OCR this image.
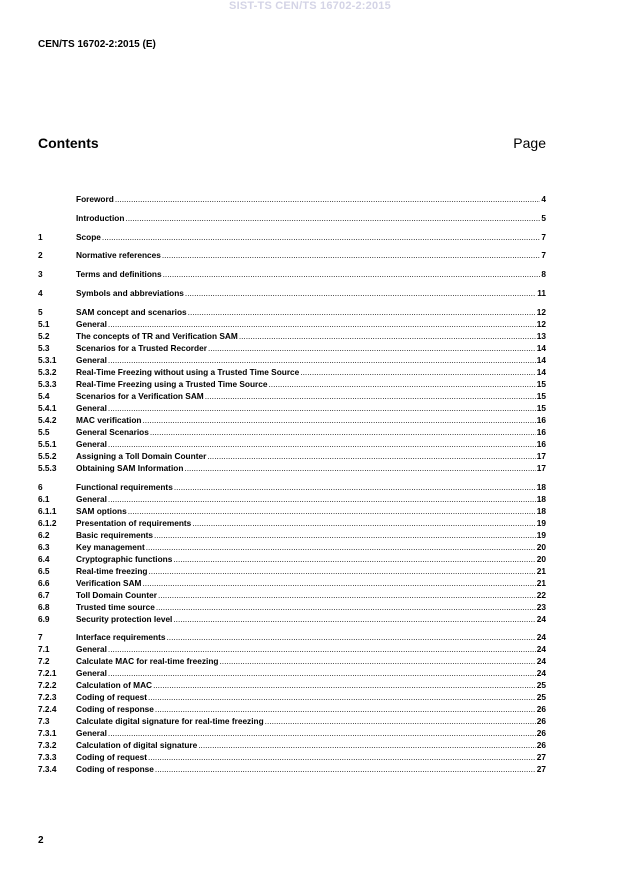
SIST-TS CEN/TS 16702-2:2015
CEN/TS 16702-2:2015 (E)
Contents	Page
Foreword .....	4
Introduction .....	5
1	Scope .....	7
2	Normative references .....	7
3	Terms and definitions .....	8
4	Symbols and abbreviations .....	11
5	SAM concept and scenarios .....	12
5.1	General .....	12
5.2	The concepts of TR and Verification SAM .....	13
5.3	Scenarios for a Trusted Recorder .....	14
5.3.1	General .....	14
5.3.2	Real-Time Freezing without using a Trusted Time Source .....	14
5.3.3	Real-Time Freezing using a Trusted Time Source .....	15
5.4	Scenarios for a Verification SAM .....	15
5.4.1	General .....	15
5.4.2	MAC verification .....	16
5.5	General Scenarios .....	16
5.5.1	General .....	16
5.5.2	Assigning a Toll Domain Counter .....	17
5.5.3	Obtaining SAM Information .....	17
6	Functional requirements .....	18
6.1	General .....	18
6.1.1	SAM options .....	18
6.1.2	Presentation of requirements .....	19
6.2	Basic requirements .....	19
6.3	Key management .....	20
6.4	Cryptographic functions .....	20
6.5	Real-time freezing .....	21
6.6	Verification SAM .....	21
6.7	Toll Domain Counter .....	22
6.8	Trusted time source .....	23
6.9	Security protection level .....	24
7	Interface requirements .....	24
7.1	General .....	24
7.2	Calculate MAC for real-time freezing .....	24
7.2.1	General .....	24
7.2.2	Calculation of MAC .....	25
7.2.3	Coding of request .....	25
7.2.4	Coding of response .....	26
7.3	Calculate digital signature for real-time freezing .....	26
7.3.1	General .....	26
7.3.2	Calculation of digital signature .....	26
7.3.3	Coding of request .....	27
7.3.4	Coding of response .....	27
2
